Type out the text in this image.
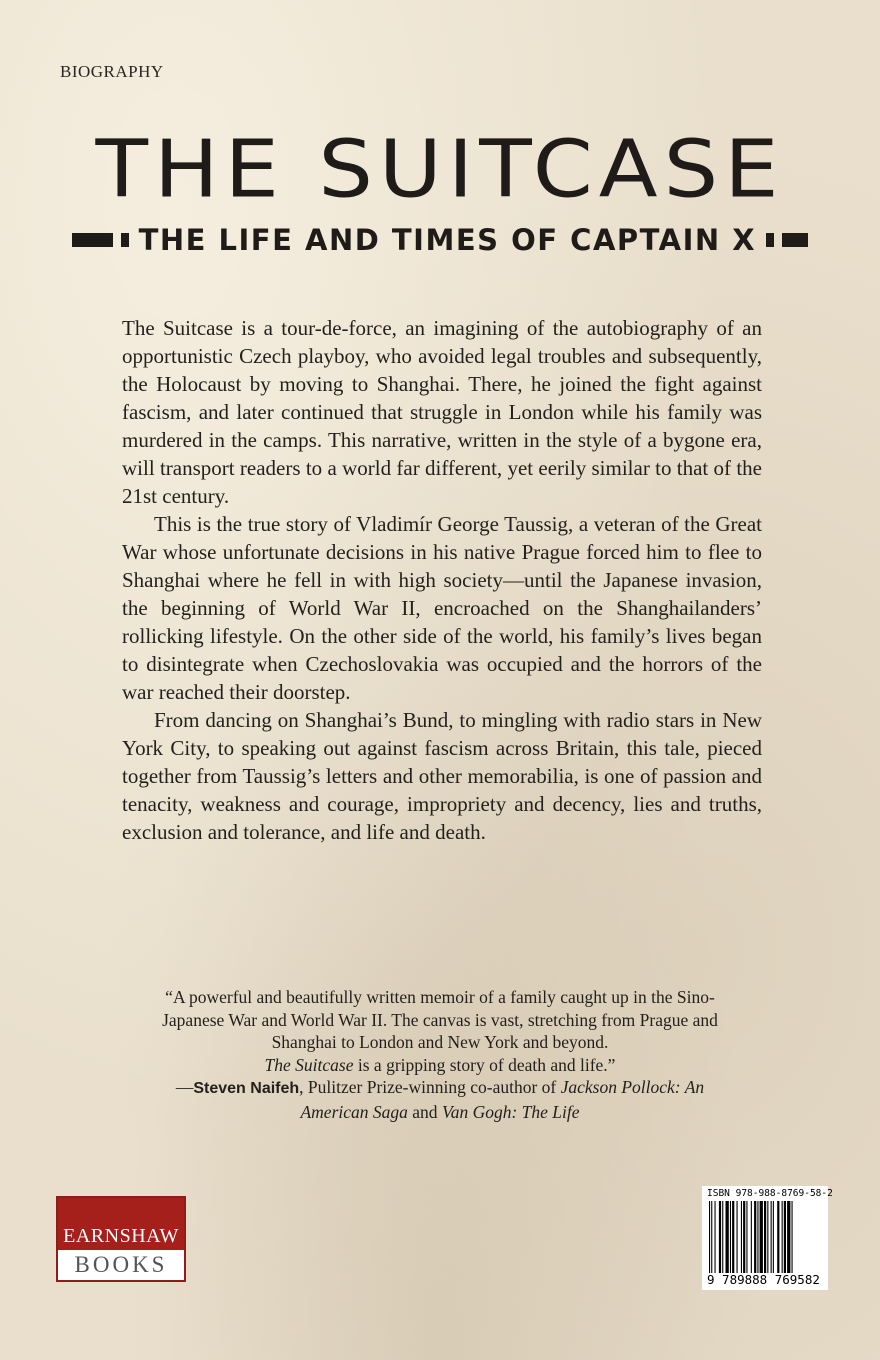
BIOGRAPHY
THE SUITCASE
THE LIFE AND TIMES OF CAPTAIN X

The Suitcase is a tour-de-force, an imagining of the autobiography of an opportunistic Czech playboy, who avoided legal troubles and subsequently, the Holocaust by moving to Shanghai. There, he joined the fight against fascism, and later continued that struggle in London while his family was murdered in the camps. This narrative, written in the style of a bygone era, will transport readers to a world far different, yet eerily similar to that of the 21st century.

This is the true story of Vladimír George Taussig, a veteran of the Great War whose unfortunate decisions in his native Prague forced him to flee to Shanghai where he fell in with high society—until the Japanese invasion, the beginning of World War II, encroached on the Shanghailanders’ rollicking lifestyle. On the other side of the world, his family’s lives began to disintegrate when Czechoslovakia was occupied and the horrors of the war reached their doorstep.

From dancing on Shanghai’s Bund, to mingling with radio stars in New York City, to speaking out against fascism across Britain, this tale, pieced together from Taussig’s letters and other memorabilia, is one of passion and tenacity, weakness and courage, impropriety and decency, lies and truths, exclusion and tolerance, and life and death.

“A powerful and beautifully written memoir of a family caught up in the Sino-Japanese War and World War II. The canvas is vast, stretching from Prague and Shanghai to London and New York and beyond.
The Suitcase is a gripping story of death and life.”
—Steven Naifeh, Pulitzer Prize-winning co-author of Jackson Pollock: An American Saga and Van Gogh: The Life
EARNSHAW
BOOKS
ISBN 978-988-8769-58-2
9 789888 769582
